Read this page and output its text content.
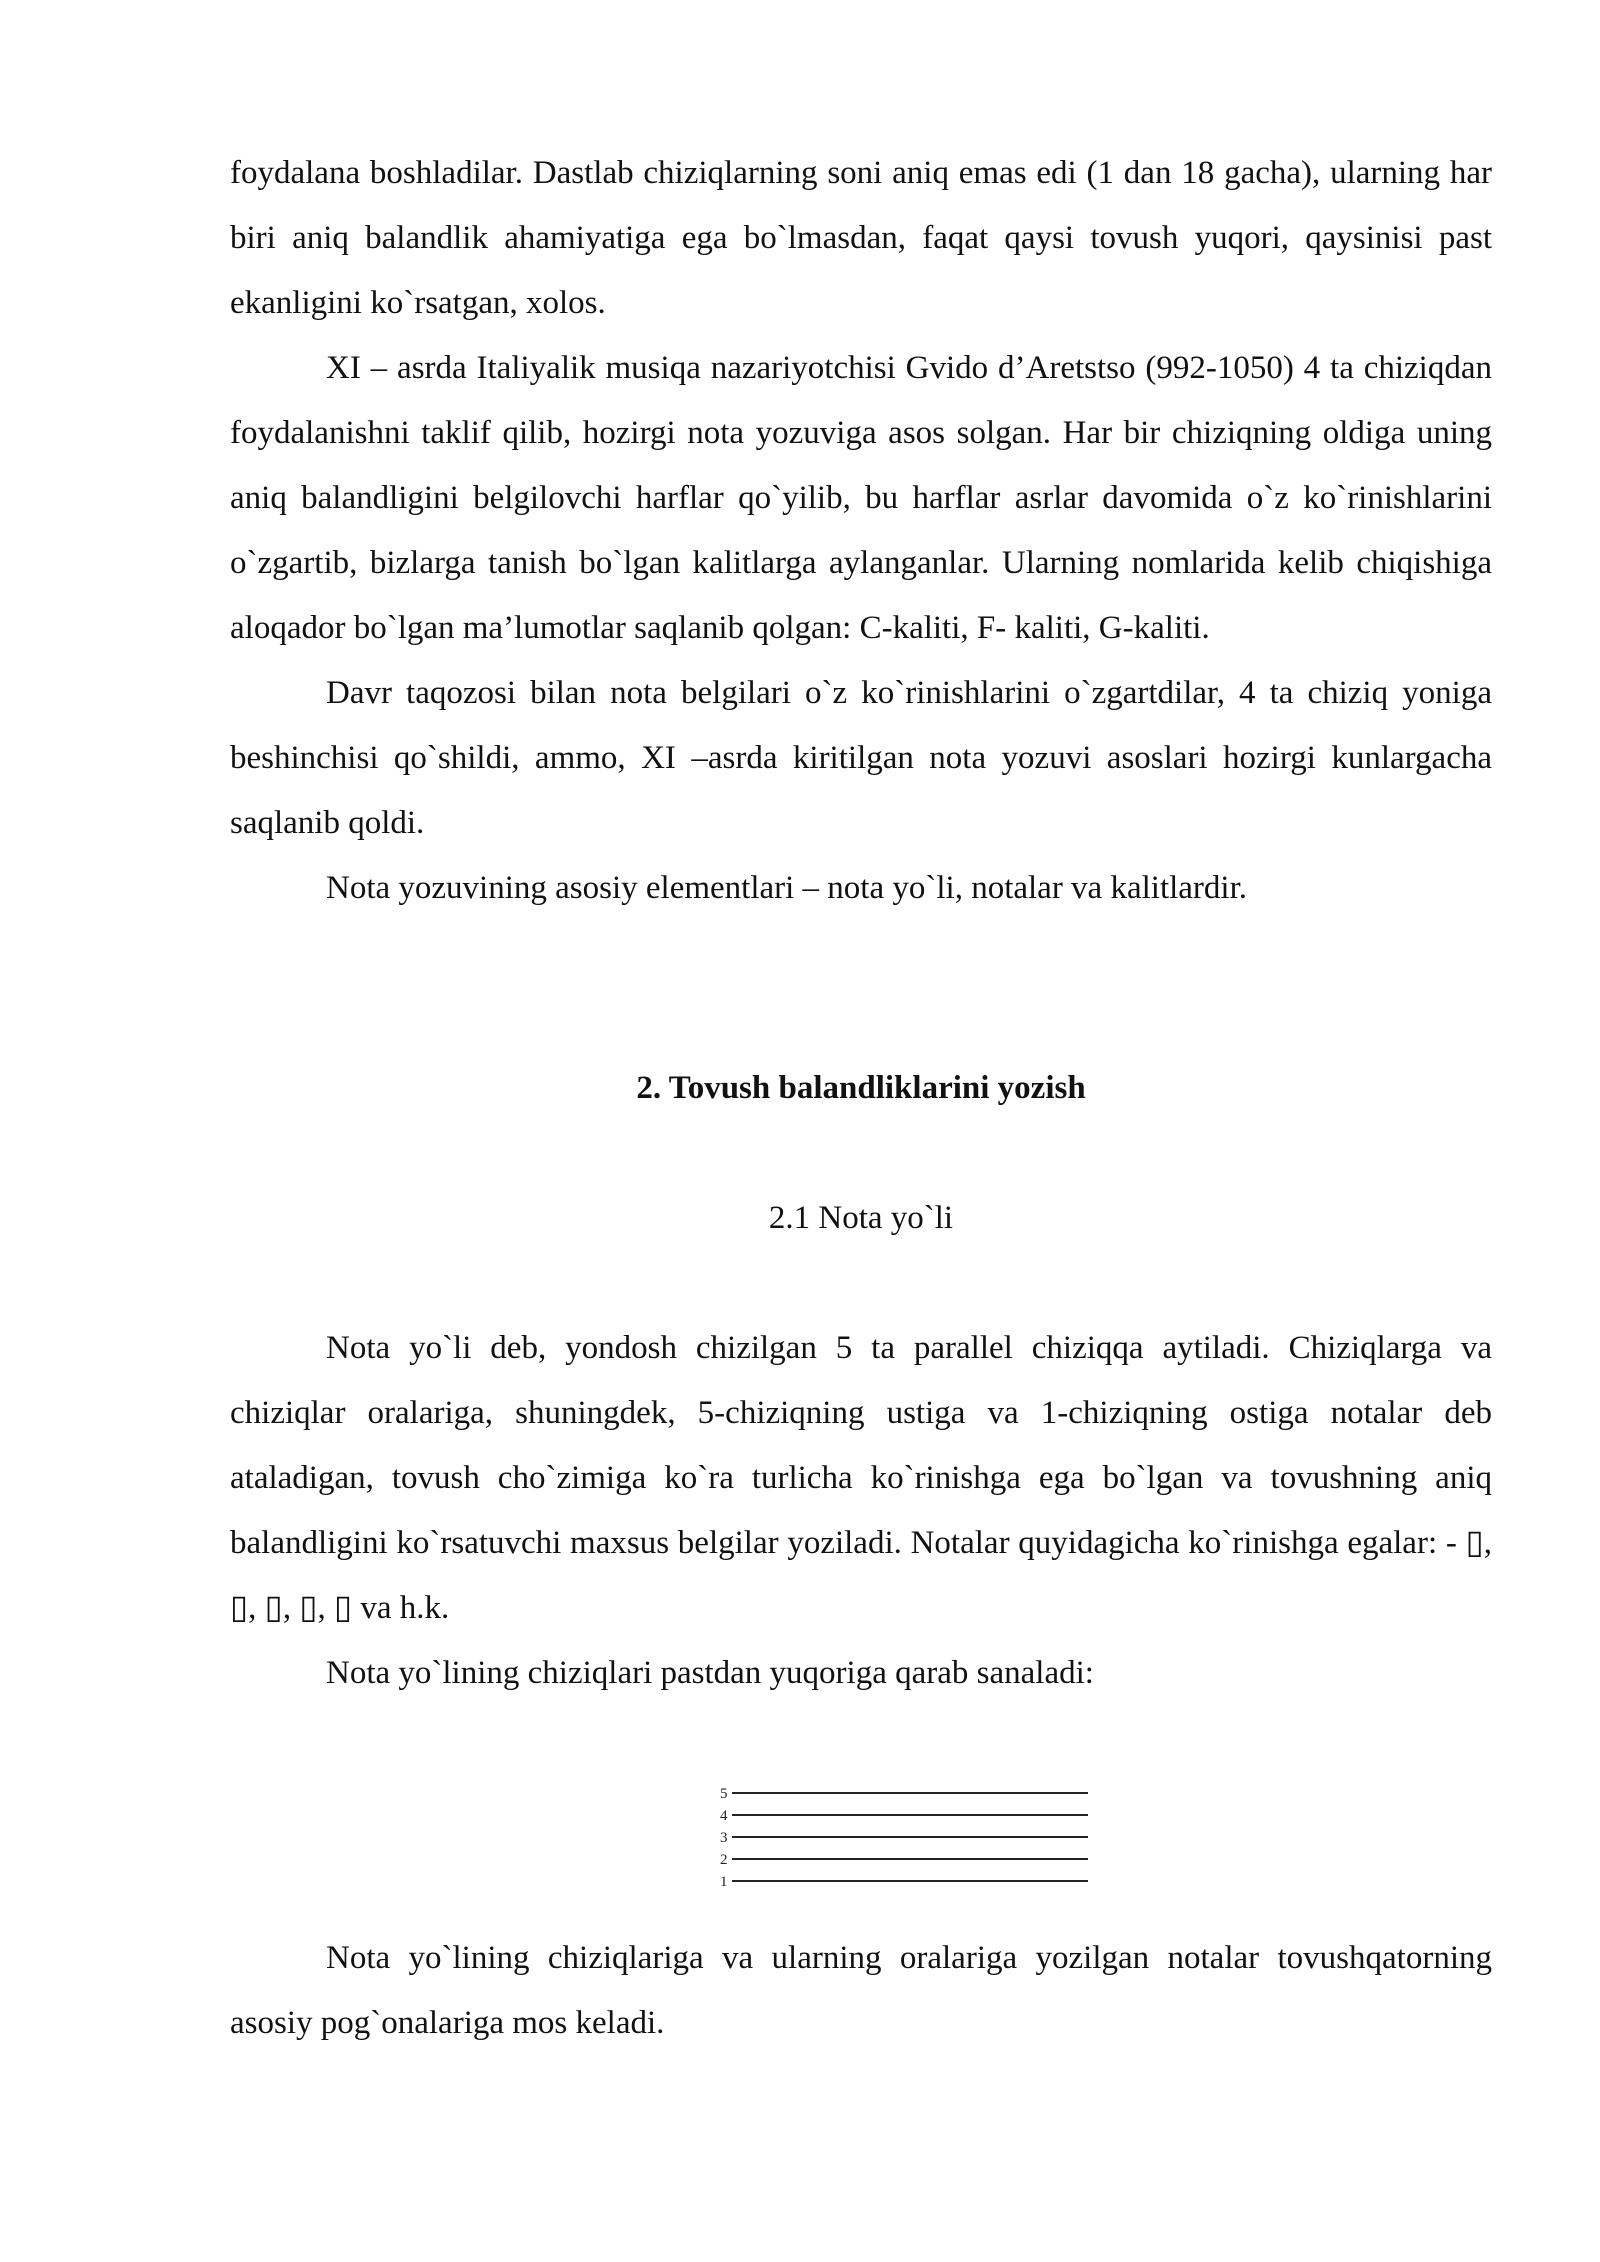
foydalana boshladilar. Dastlab chiziqlarning soni aniq emas edi (1 dan 18 gacha), ularning har biri aniq balandlik ahamiyatiga ega bo`lmasdan, faqat qaysi tovush yuqori, qaysinisi past ekanligini ko`rsatgan, xolos.

XI – asrda Italiyalik musiqa nazariyotchisi Gvido d’Aretstso (992-1050) 4 ta chiziqdan foydalanishni taklif qilib, hozirgi nota yozuviga asos solgan. Har bir chiziqning oldiga uning aniq balandligini belgilovchi harflar qo`yilib, bu harflar asrlar davomida o`z ko`rinishlarini o`zgartib, bizlarga tanish bo`lgan kalitlarga aylanganlar. Ularning nomlarida kelib chiqishiga aloqador bo`lgan ma’lumotlar saqlanib qolgan: C-kaliti, F- kaliti, G-kaliti.

Davr taqozosi bilan nota belgilari o`z ko`rinishlarini o`zgartdilar, 4 ta chiziq yoniga beshinchisi qo`shildi, ammo, XI –asrda kiritilgan nota yozuvi asoslari hozirgi kunlargacha saqlanib qoldi.

Nota yozuvining asosiy elementlari – nota yo`li, notalar va kalitlardir.

2. Tovush balandliklarini yozish
2.1 Nota yo`li

Nota yo`li deb, yondosh chizilgan 5 ta parallel chiziqqa aytiladi. Chiziqlarga va chiziqlar oralariga, shuningdek, 5-chiziqning ustiga va 1-chiziqning ostiga notalar deb ataladigan, tovush cho`zimiga ko`ra turlicha ko`rinishga ega bo`lgan va tovushning aniq balandligini ko`rsatuvchi maxsus belgilar yoziladi. Notalar quyidagicha ko`rinishga egalar: - ▯, ▯, ▯, ▯, ▯ va h.k.

Nota yo`lining chiziqlari pastdan yuqoriga qarab sanaladi:

5
4
3
2
1

Nota yo`lining chiziqlariga va ularning oralariga yozilgan notalar tovushqatorning asosiy pog`onalariga mos keladi.
